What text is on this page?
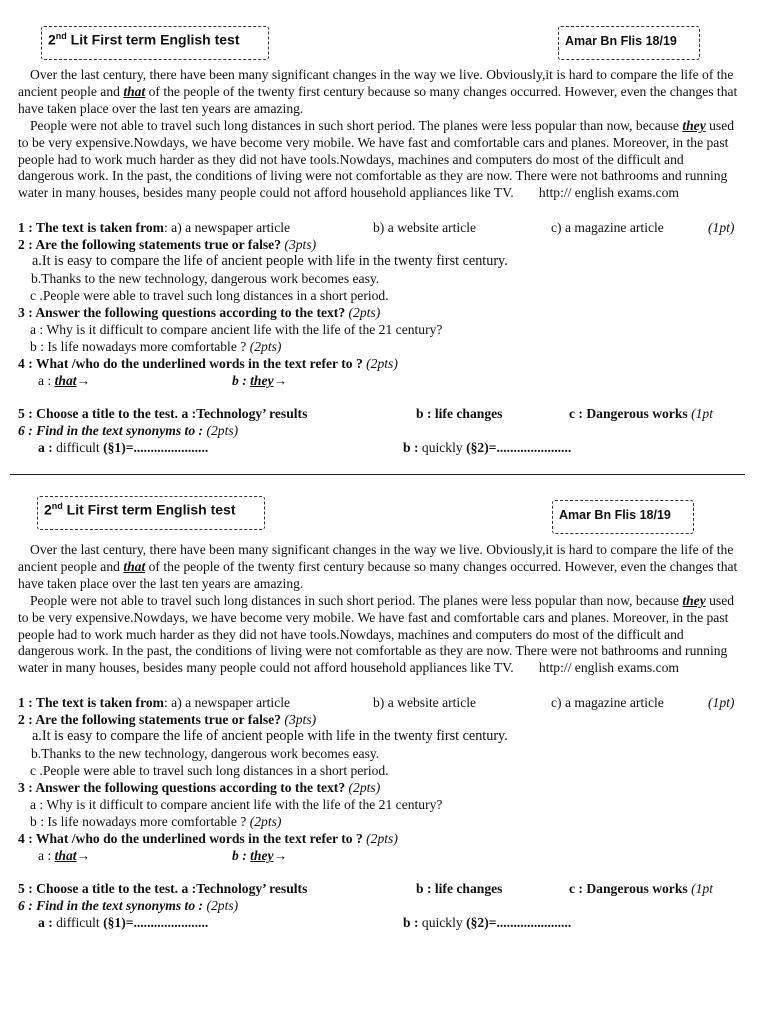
2nd Lit First term English test	Amar Bn Flis 18/19

Over the last century, there have been many significant changes in the way we live. Obviously,it is hard to compare the life of the ancient people and that of the people of the twenty first century because so many changes occurred. However, even the changes that have taken place over the last ten years are amazing.

People were not able to travel such long distances in such short period. The planes were less popular than now, because they used to be very expensive.Nowdays, we have become very mobile. We have fast and comfortable cars and planes. Moreover, in the past people had to work much harder as they did not have tools.Nowdays, machines and computers do most of the difficult and dangerous work. In the past, the conditions of living were not comfortable as they are now. There were not bathrooms and running water in many houses, besides many people could not afford household appliances like TV.	http:// english exams.com

1 : The text is taken from: a) a newspaper article	b) a website article	c) a magazine article	(1pt)
2 : Are the following statements true or false? (3pts)
a.It is easy to compare the life of ancient people with life in the twenty first century.
b.Thanks to the new technology, dangerous work becomes easy.
c .People were able to travel such long distances in a short period.
3 : Answer the following questions according to the text? (2pts)
a : Why is it difficult to compare ancient life with the life of the 21 century?
b : Is life nowadays more comfortable ? (2pts)
4 : What /who do the underlined words in the text refer to ? (2pts)
a : that→	b : they→
5 : Choose a title to the test. a :Technology’ results	b : life changes	c : Dangerous works (1pt
6 : Find in the text synonyms to : (2pts)
a : difficult (§1)=......................	b : quickly (§2)=......................
2nd Lit First term English test	Amar Bn Flis 18/19

Over the last century, there have been many significant changes in the way we live. Obviously,it is hard to compare the life of the ancient people and that of the people of the twenty first century because so many changes occurred. However, even the changes that have taken place over the last ten years are amazing.

People were not able to travel such long distances in such short period. The planes were less popular than now, because they used to be very expensive.Nowdays, we have become very mobile. We have fast and comfortable cars and planes. Moreover, in the past people had to work much harder as they did not have tools.Nowdays, machines and computers do most of the difficult and dangerous work. In the past, the conditions of living were not comfortable as they are now. There were not bathrooms and running water in many houses, besides many people could not afford household appliances like TV.	http:// english exams.com

1 : The text is taken from: a) a newspaper article	b) a website article	c) a magazine article	(1pt)
2 : Are the following statements true or false? (3pts)
a.It is easy to compare the life of ancient people with life in the twenty first century.
b.Thanks to the new technology, dangerous work becomes easy.
c .People were able to travel such long distances in a short period.
3 : Answer the following questions according to the text? (2pts)
a : Why is it difficult to compare ancient life with the life of the 21 century?
b : Is life nowadays more comfortable ? (2pts)
4 : What /who do the underlined words in the text refer to ? (2pts)
a : that→	b : they→
5 : Choose a title to the test. a :Technology’ results	b : life changes	c : Dangerous works (1pt
6 : Find in the text synonyms to : (2pts)
a : difficult (§1)=......................	b : quickly (§2)=......................
